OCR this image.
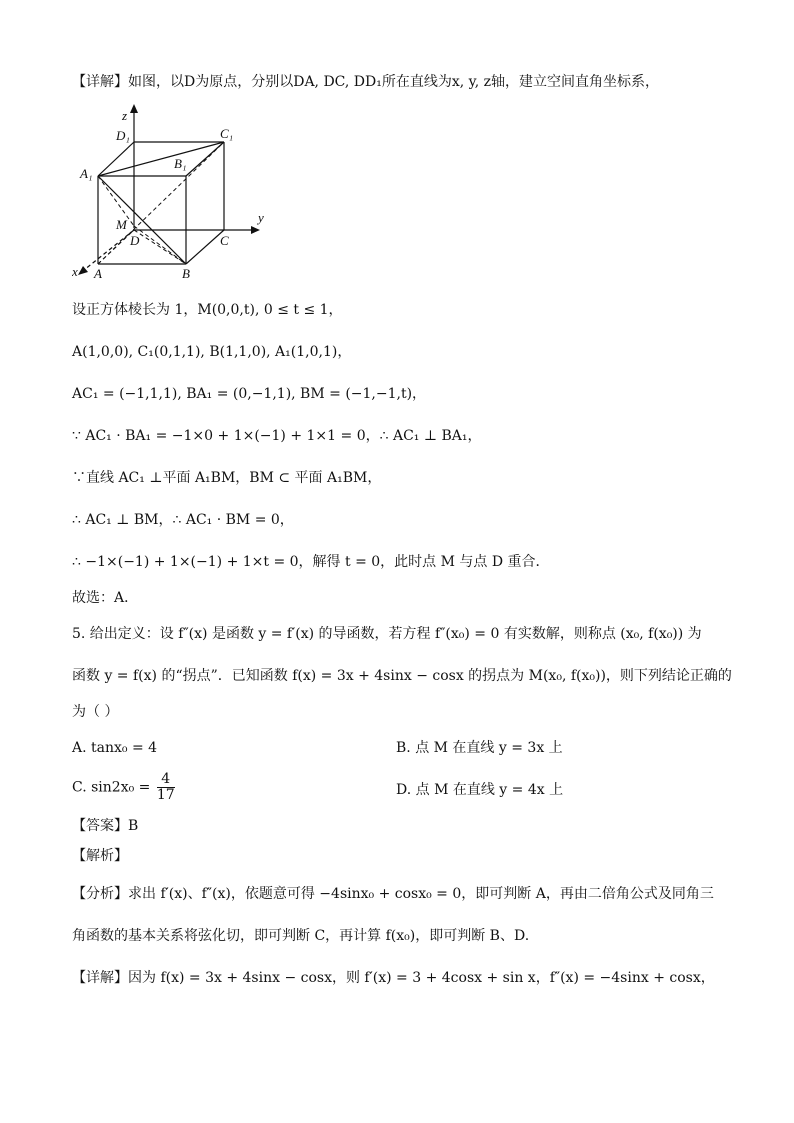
【详解】如图，以D为原点，分别以DA, DC, DD₁所在直线为x, y, z轴，建立空间直角坐标系，
z
y
x
D₁	C₁
A₁
B₁
M
D	C
A	B
设正方体棱长为 1，M(0,0,t), 0 ≤ t ≤ 1，
A(1,0,0), C₁(0,1,1), B(1,1,0), A₁(1,0,1)，
AC₁ = (−1,1,1), BA₁ = (0,−1,1), BM = (−1,−1,t)，
∵ AC₁ · BA₁ = −1×0 + 1×(−1) + 1×1 = 0，∴ AC₁ ⊥ BA₁，
∵直线 AC₁ ⊥平面 A₁BM，BM ⊂ 平面 A₁BM，
∴ AC₁ ⊥ BM，∴ AC₁ · BM = 0，
∴ −1×(−1) + 1×(−1) + 1×t = 0，解得 t = 0，此时点 M 与点 D 重合．
故选：A．
5. 给出定义：设 f″(x) 是函数 y = f′(x) 的导函数，若方程 f″(x₀) = 0 有实数解，则称点 (x₀, f(x₀)) 为
函数 y = f(x) 的“拐点”．已知函数 f(x) = 3x + 4sinx − cosx 的拐点为 M(x₀, f(x₀))，则下列结论正确的
为（ ）
A. tanx₀ = 4	B. 点 M 在直线 y = 3x 上
C. $\sin 2x_0 = \frac{4}{17}$	D. 点 M 在直线 y = 4x 上
【答案】B
【解析】
【分析】求出 f′(x)、f″(x)，依题意可得 −4sinx₀ + cosx₀ = 0，即可判断 A，再由二倍角公式及同角三
角函数的基本关系将弦化切，即可判断 C，再计算 f(x₀)，即可判断 B、D.
【详解】因为 f(x) = 3x + 4sinx − cosx，则 f′(x) = 3 + 4cosx + sin x，f″(x) = −4sinx + cosx，
